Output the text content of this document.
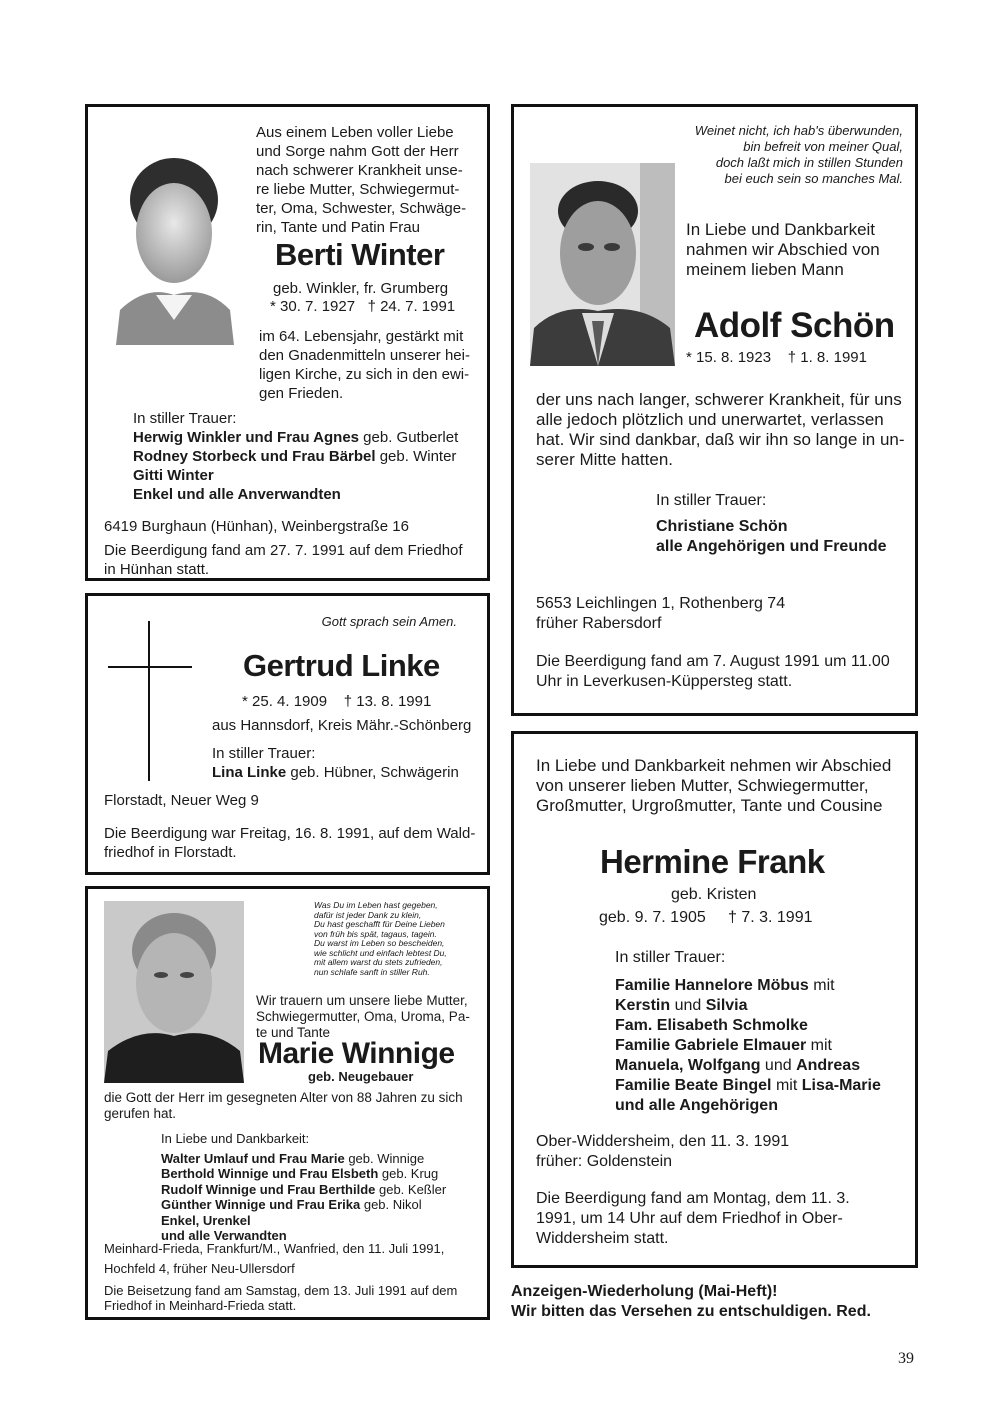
Aus einem Leben voller Liebe
und Sorge nahm Gott der Herr
nach schwerer Krankheit unse-
re liebe Mutter, Schwiegermut-
ter, Oma, Schwester, Schwäge-
rin, Tante und Patin Frau
Berti Winter
geb. Winkler, fr. Grumberg
* 30. 7. 1927   † 24. 7. 1991
im 64. Lebensjahr, gestärkt mit
den Gnadenmitteln unserer hei-
ligen Kirche, zu sich in den ewi-
gen Frieden.
In stiller Trauer:
Herwig Winkler und Frau Agnes geb. Gutberlet
Rodney Storbeck und Frau Bärbel geb. Winter
Gitti Winter
Enkel und alle Anverwandten
6419 Burghaun (Hünhan), Weinbergstraße 16
Die Beerdigung fand am 27. 7. 1991 auf dem Friedhof
in Hünhan statt.
Weinet nicht, ich hab's überwunden,
bin befreit von meiner Qual,
doch laßt mich in stillen Stunden
bei euch sein so manches Mal.
In Liebe und Dankbarkeit
nahmen wir Abschied von
meinem lieben Mann
Adolf Schön
* 15. 8. 1923    † 1. 8. 1991
der uns nach langer, schwerer Krankheit, für uns
alle jedoch plötzlich und unerwartet, verlassen
hat. Wir sind dankbar, daß wir ihn so lange in un-
serer Mitte hatten.
In stiller Trauer:
Christiane Schön
alle Angehörigen und Freunde
5653 Leichlingen 1, Rothenberg 74
früher Rabersdorf
Die Beerdigung fand am 7. August 1991 um 11.00
Uhr in Leverkusen-Küppersteg statt.
Gott sprach sein Amen.
Gertrud Linke
* 25. 4. 1909    † 13. 8. 1991
aus Hannsdorf, Kreis Mähr.-Schönberg
In stiller Trauer:
Lina Linke geb. Hübner, Schwägerin
Florstadt, Neuer Weg 9
Die Beerdigung war Freitag, 16. 8. 1991, auf dem Wald-
friedhof in Florstadt.
In Liebe und Dankbarkeit nehmen wir Abschied
von unserer lieben Mutter, Schwiegermutter,
Großmutter, Urgroßmutter, Tante und Cousine
Hermine Frank
geb. Kristen
geb. 9. 7. 1905     † 7. 3. 1991
In stiller Trauer:
Familie Hannelore Möbus mit
Kerstin und Silvia
Fam. Elisabeth Schmolke
Familie Gabriele Elmauer mit
Manuela, Wolfgang und Andreas
Familie Beate Bingel mit Lisa-Marie
und alle Angehörigen
Ober-Widdersheim, den 11. 3. 1991
früher: Goldenstein
Die Beerdigung fand am Montag, dem 11. 3.
1991, um 14 Uhr auf dem Friedhof in Ober-
Widdersheim statt.
Was Du im Leben hast gegeben,
dafür ist jeder Dank zu klein,
Du hast geschafft für Deine Lieben
von früh bis spät, tagaus, tagein.
Du warst im Leben so bescheiden,
wie schlicht und einfach lebtest Du,
mit allem warst du stets zufrieden,
nun schlafe sanft in stiller Ruh.
Wir trauern um unsere liebe Mutter,
Schwiegermutter, Oma, Uroma, Pa-
te und Tante
Marie Winnige
geb. Neugebauer
die Gott der Herr im gesegneten Alter von 88 Jahren zu sich
gerufen hat.
In Liebe und Dankbarkeit:
Walter Umlauf und Frau Marie geb. Winnige
Berthold Winnige und Frau Elsbeth geb. Krug
Rudolf Winnige und Frau Berthilde geb. Keßler
Günther Winnige und Frau Erika geb. Nikol
Enkel, Urenkel
und alle Verwandten
Meinhard-Frieda, Frankfurt/M., Wanfried, den 11. Juli 1991,
Hochfeld 4, früher Neu-Ullersdorf
Die Beisetzung fand am Samstag, dem 13. Juli 1991 auf dem
Friedhof in Meinhard-Frieda statt.
Anzeigen-Wiederholung (Mai-Heft)!
Wir bitten das Versehen zu entschuldigen. Red.
39
